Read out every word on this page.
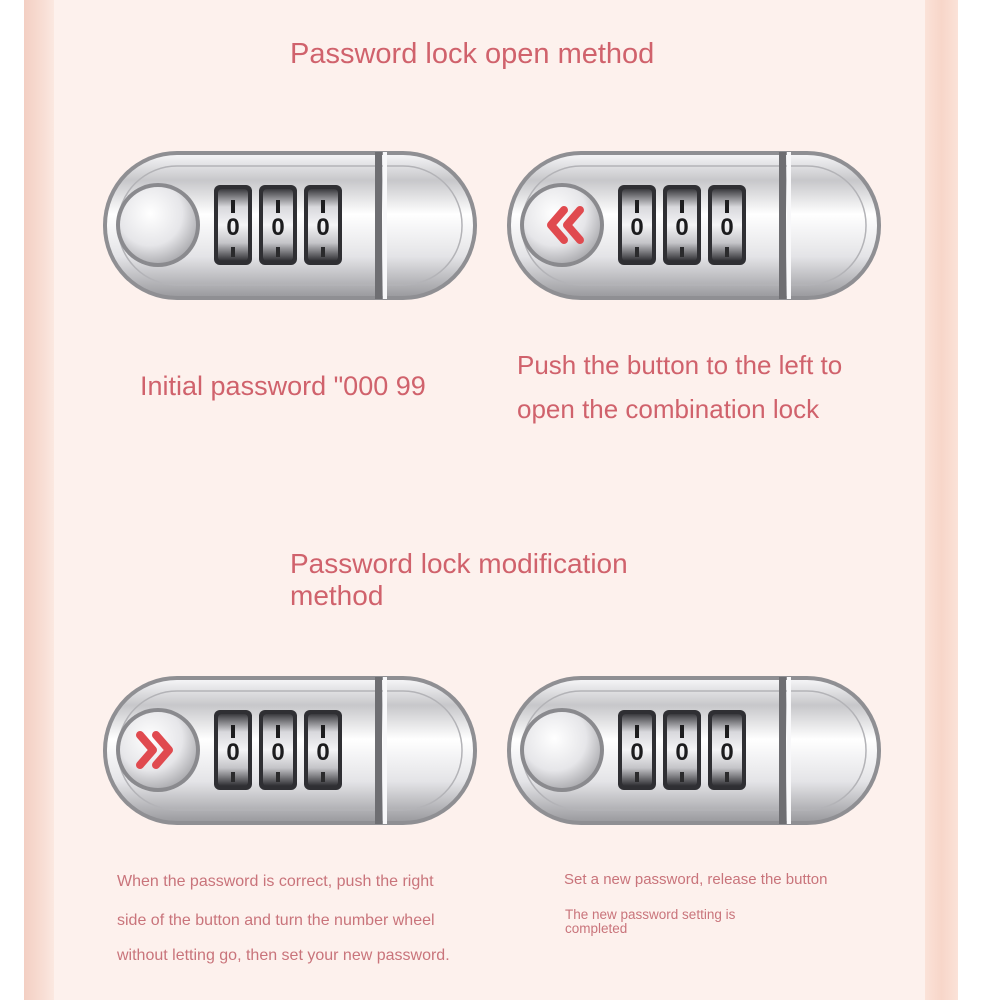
Password lock open method
0 0 0	0 0 0
Initial password "000 99
Push the button to the left to
open the combination lock
Password lock modification
method
0 0 0	0 0 0
When the password is correct, push the right
side of the button and turn the number wheel
without letting go, then set your new password.
Set a new password, release the button
The new password setting is
completed
